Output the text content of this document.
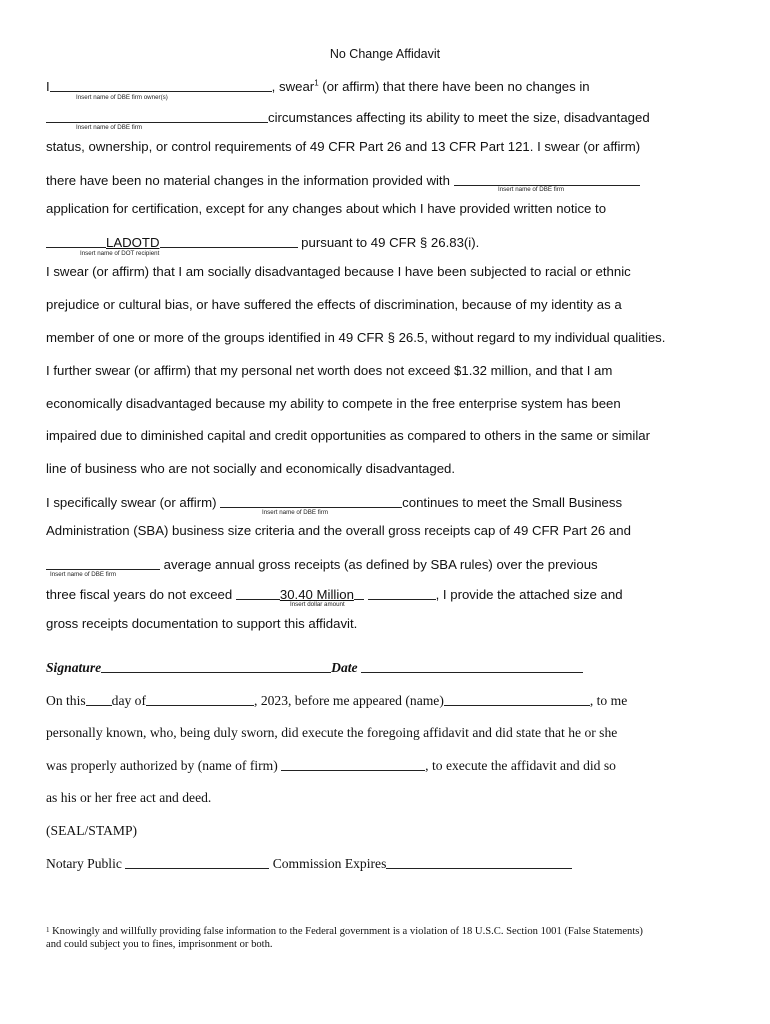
No Change Affidavit
I	, swear$^1$ (or affirm) that there have been no changes in
Insert name of DBE firm owner(s)
circumstances affecting its ability to meet the size, disadvantaged
Insert name of DBE firm
status, ownership, or control requirements of 49 CFR Part 26 and 13 CFR Part 121. I swear (or affirm)
there have been no material changes in the information provided with
Insert name of DBE firm
application for certification, except for any changes about which I have provided written notice to
LADOTD	pursuant to 49 CFR § 26.83(i).
Insert name of DOT recipient
I swear (or affirm) that I am socially disadvantaged because I have been subjected to racial or ethnic
prejudice or cultural bias, or have suffered the effects of discrimination, because of my identity as a
member of one or more of the groups identified in 49 CFR § 26.5, without regard to my individual qualities.
I further swear (or affirm) that my personal net worth does not exceed $1.32 million, and that I am
economically disadvantaged because my ability to compete in the free enterprise system has been
impaired due to diminished capital and credit opportunities as compared to others in the same or similar
line of business who are not socially and economically disadvantaged.
I specifically swear (or affirm)	continues to meet the Small Business
Insert name of DBE firm
Administration (SBA) business size criteria and the overall gross receipts cap of 49 CFR Part 26 and
average annual gross receipts (as defined by SBA rules) over the previous
Insert name of DBE firm
three fiscal years do not exceed	30.40 Million	, I provide the attached size and
Insert dollar amount
gross receipts documentation to support this affidavit.
Signature	Date
On this day of	, 2023, before me appeared (name)	, to me
personally known, who, being duly sworn, did execute the foregoing affidavit and did state that he or she
was properly authorized by (name of firm)	, to execute the affidavit and did so
as his or her free act and deed.
(SEAL/STAMP)
Notary Public	Commission Expires
1 Knowingly and willfully providing false information to the Federal government is a violation of 18 U.S.C. Section 1001 (False Statements) and could subject you to fines, imprisonment or both.
